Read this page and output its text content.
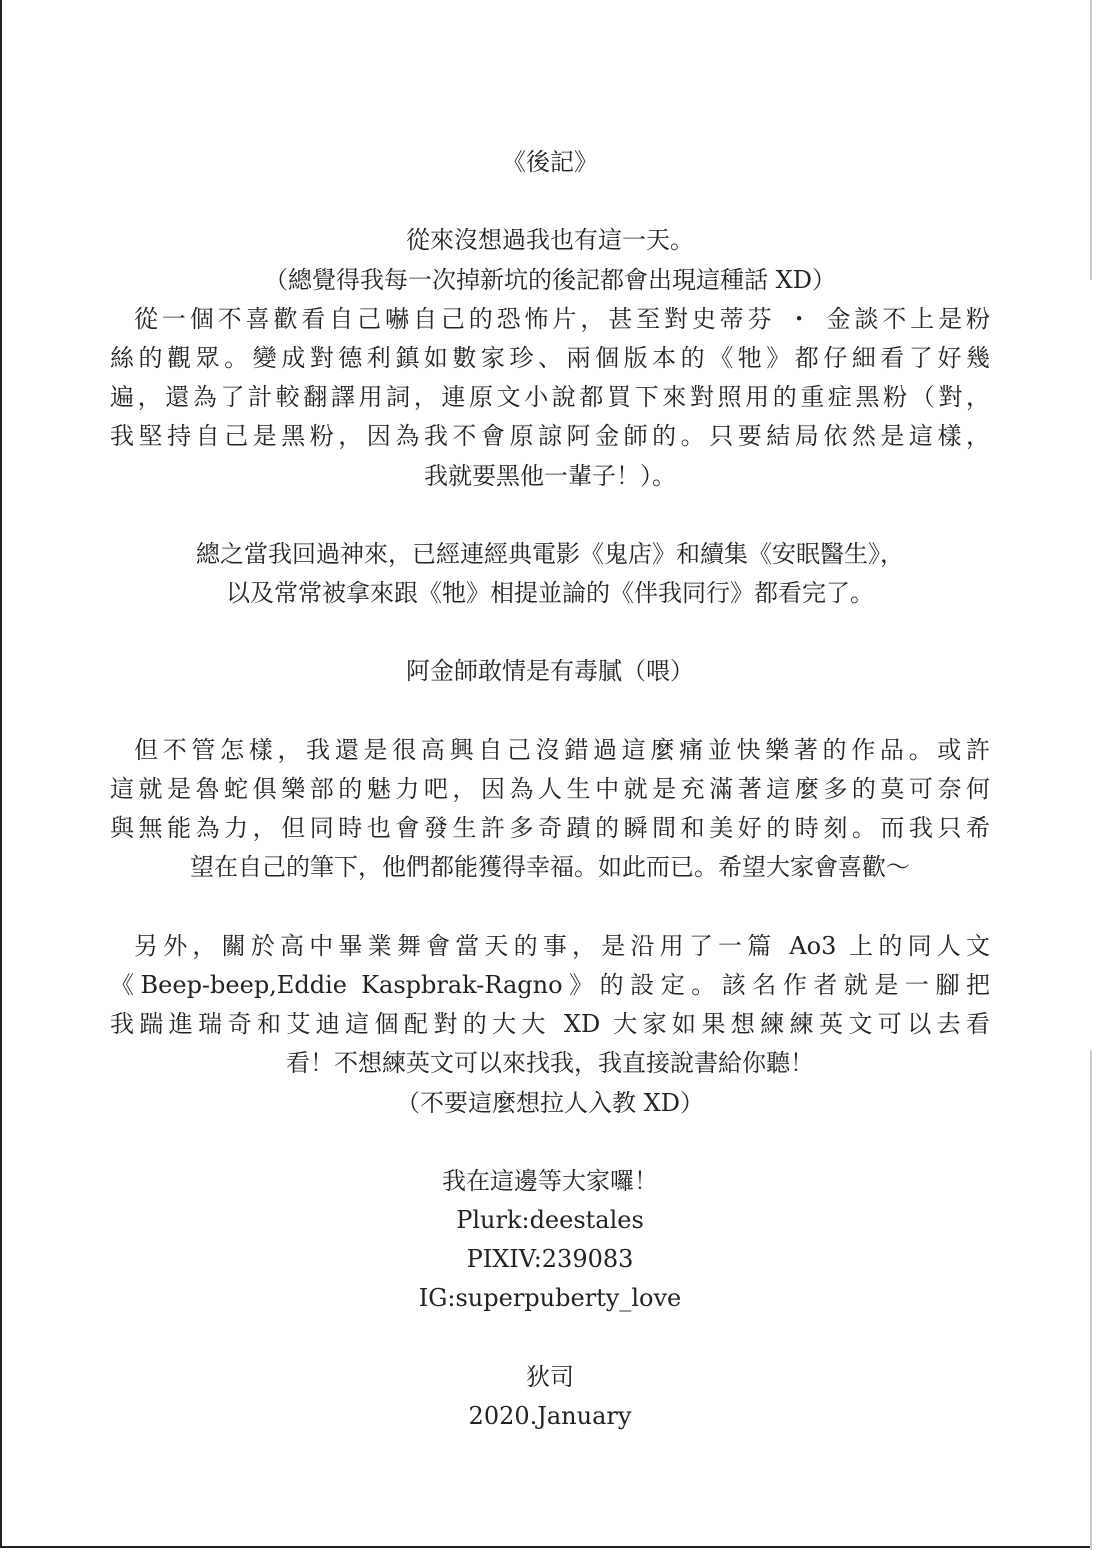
《後記》
從來沒想過我也有這一天。
（總覺得我每一次掉新坑的後記都會出現這種話 XD）
從一個不喜歡看自己嚇自己的恐怖片，甚至對史蒂芬 ・ 金談不上是粉
絲的觀眾。變成對德利鎮如數家珍、兩個版本的《牠》都仔細看了好幾
遍，還為了計較翻譯用詞，連原文小說都買下來對照用的重症黑粉（對，
我堅持自己是黑粉，因為我不會原諒阿金師的。只要結局依然是這樣，
我就要黑他一輩子！）。
總之當我回過神來，已經連經典電影《鬼店》和續集《安眠醫生》，
以及常常被拿來跟《牠》相提並論的《伴我同行》都看完了。
阿金師敢情是有毒膩（喂）
但不管怎樣，我還是很高興自己沒錯過這麼痛並快樂著的作品。或許
這就是魯蛇俱樂部的魅力吧，因為人生中就是充滿著這麼多的莫可奈何
與無能為力，但同時也會發生許多奇蹟的瞬間和美好的時刻。而我只希
望在自己的筆下，他們都能獲得幸福。如此而已。希望大家會喜歡～
另外，關於高中畢業舞會當天的事，是沿用了一篇 Ao3 上的同人文
《Beep-beep,Eddie Kaspbrak-Ragno》的設定。該名作者就是一腳把
我踹進瑞奇和艾迪這個配對的大大 XD 大家如果想練練英文可以去看
看！不想練英文可以來找我，我直接說書給你聽！
（不要這麼想拉人入教 XD）
我在這邊等大家囉！
Plurk:deestales
PIXIV:239083
IG:superpuberty_love
狄司
2020.January
